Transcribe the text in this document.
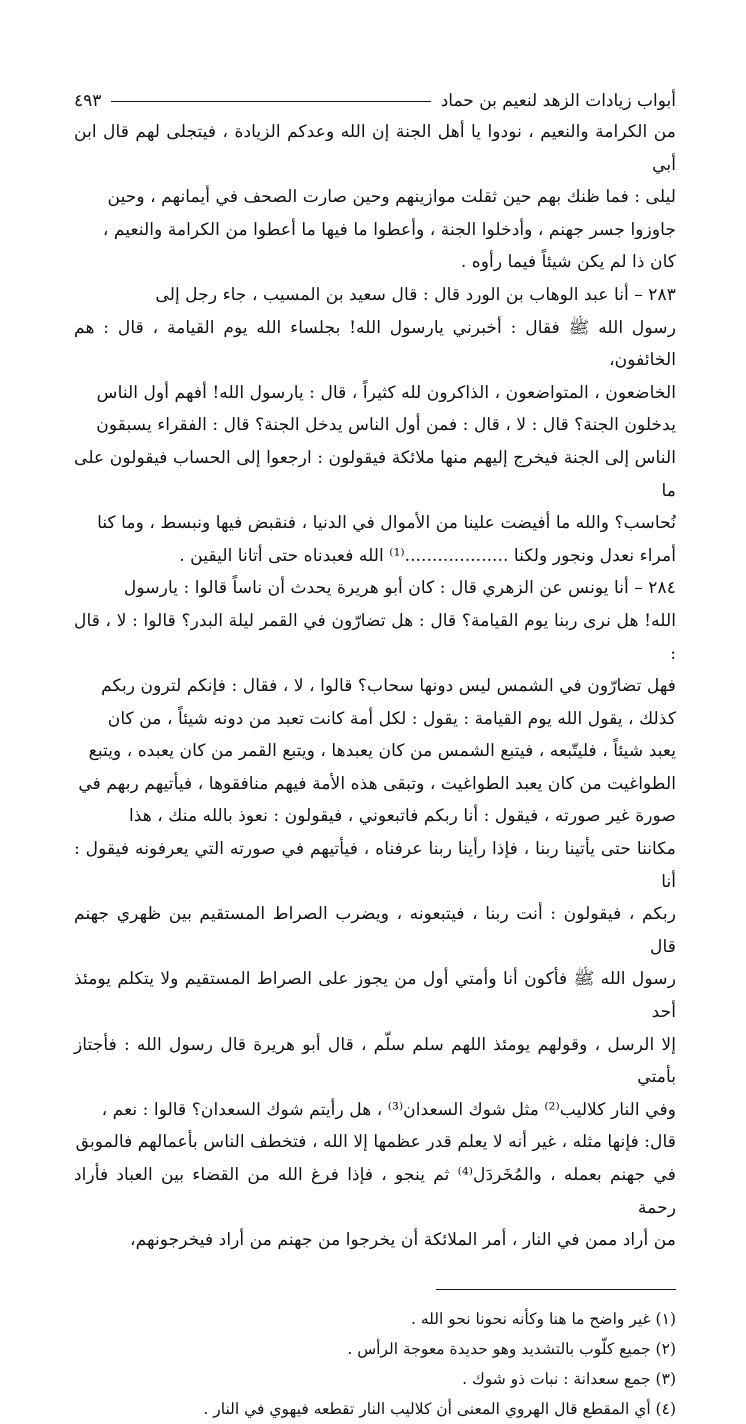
أبواب زيادات الزهد لنعيم بن حماد
٤٩٣

من الكرامة والنعيم ، نودوا يا أهل الجنة إن الله وعدكم الزيادة ، فيتجلى لهم قال ابن أبي

ليلى : فما ظنك بهم حين ثقلت موازينهم وحين صارت الصحف في أيمانهم ، وحين

جاوزوا جسر جهنم ، وأدخلوا الجنة ، وأعطوا ما فيها ما أعطوا من الكرامة والنعيم ،

كان ذا لم يكن شيئاً فيما رأوه .

٢٨٣ – أنا عبد الوهاب بن الورد قال : قال سعيد بن المسيب ، جاء رجل إلى

رسول الله ﷺ فقال : أخبرني يارسول الله! بجلساء الله يوم القيامة ، قال : هم الخائفون،

الخاضعون ، المتواضعون ، الذاكرون لله كثيراً ، قال : يارسول الله! أفهم أول الناس

يدخلون الجنة؟ قال : لا ، قال : فمن أول الناس يدخل الجنة؟ قال : الفقراء يسبقون

الناس إلى الجنة فيخرج إليهم منها ملائكة فيقولون : ارجعوا إلى الحساب فيقولون على ما

نُحاسب؟ والله ما أفيضت علينا من الأموال في الدنيا ، فنقبض فيها ونبسط ، وما كنا

أمراء نعدل ونجور ولكنا ...................⁽¹⁾ الله فعبدناه حتى أتانا اليقين .

٢٨٤ – أنا يونس عن الزهري قال : كان أبو هريرة يحدث أن ناساً قالوا : يارسول

الله! هل نرى ربنا يوم القيامة؟ قال : هل تضارّون في القمر ليلة البدر؟ قالوا : لا ، قال :

فهل تضارّون في الشمس ليس دونها سحاب؟ قالوا ، لا ، فقال : فإنكم لترون ربكم

كذلك ، يقول الله يوم القيامة : يقول : لكل أمة كانت تعبد من دونه شيئاً ، من كان

يعبد شيئاً ، فليتّبعه ، فيتبع الشمس من كان يعبدها ، ويتبع القمر من كان يعبده ، ويتبع

الطواغيت من كان يعبد الطواغيت ، وتبقى هذه الأمة فيهم منافقوها ، فيأتيهم ربهم في

صورة غير صورته ، فيقول : أنا ربكم فاتبعوني ، فيقولون : نعوذ بالله منك ، هذا

مكاننا حتى يأتينا ربنا ، فإذا رأينا ربنا عرفناه ، فيأتيهم في صورته التي يعرفونه فيقول : أنا

ربكم ، فيقولون : أنت ربنا ، فيتبعونه ، ويضرب الصراط المستقيم بين ظهري جهنم قال

رسول الله ﷺ فأكون أنا وأمتي أول من يجوز على الصراط المستقيم ولا يتكلم يومئذ أحد

إلا الرسل ، وقولهم يومئذ اللهم سلم سلّم ، قال أبو هريرة قال رسول الله : فأجتاز بأمتي

وفي النار كلاليب⁽²⁾ مثل شوك السعدان⁽³⁾ ، هل رأيتم شوك السعدان؟ قالوا : نعم ،

قال: فإنها مثله ، غير أنه لا يعلم قدر عظمها إلا الله ، فتخطف الناس بأعمالهم فالموبق

في جهنم بعمله ، والمُخَردَل⁽⁴⁾ ثم ينجو ، فإذا فرغ الله من القضاء بين العباد فأراد رحمة

من أراد ممن في النار ، أمر الملائكة أن يخرجوا من جهنم من أراد فيخرجونهم،

(١) غير واضح ما هنا وكأنه نحونا نحو الله .

(٢) جميع كلّوب بالتشديد وهو حديدة معوجة الرأس .

(٣) جمع سعدانة : نبات ذو شوك .

(٤) أي المقطع قال الهروي المعنى أن كلاليب النار تقطعه فيهوي في النار .
